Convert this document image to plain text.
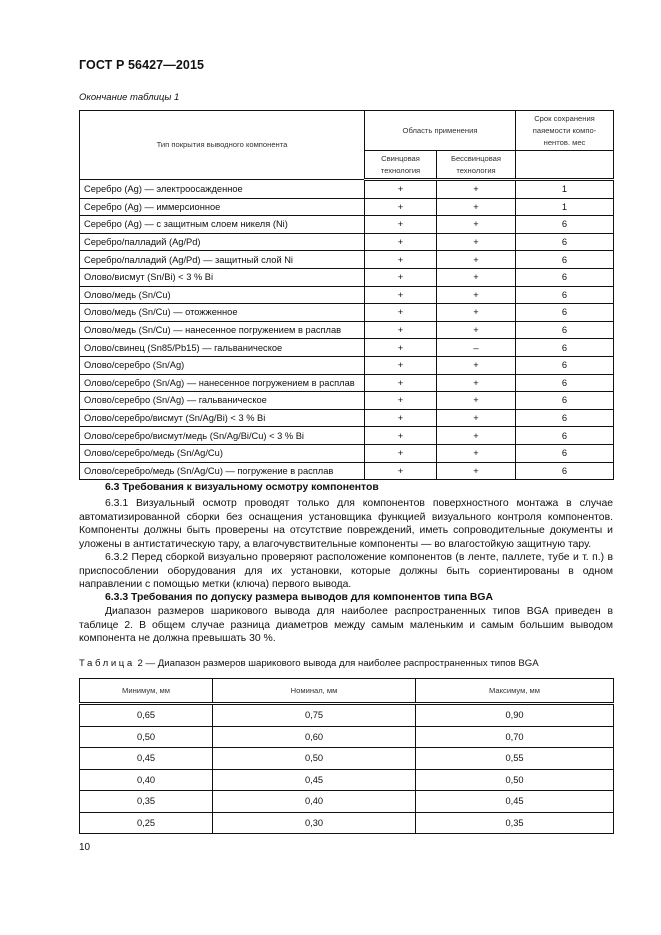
ГОСТ Р 56427—2015
Окончание таблицы 1
Тип покрытия выводного компонента	Область применения		Срок сохранения паяемости компо-нентов. мес
	Свинцовая технология	Бессвинцовая технология	
Серебро (Ag) — электроосажденное	+	+	1
Серебро (Ag) — иммерсионное	+	+	1
Серебро (Ag) — с защитным слоем никеля (Ni)	+	+	6
Серебро/палладий (Ag/Pd)	+	+	6
Серебро/палладий (Ag/Pd) — защитный слой Ni	+	+	6
Олово/висмут (Sn/Bi) < 3 % Bi	+	+	6
Олово/медь (Sn/Cu)	+	+	6
Олово/медь (Sn/Cu) — отожженное	+	+	6
Олово/медь (Sn/Cu) — нанесенное погружением в расплав	+	+	6
Олово/свинец (Sn85/Pb15) — гальваническое	+	–	6
Олово/серебро (Sn/Ag)	+	+	6
Олово/серебро (Sn/Ag) — нанесенное погружением в расплав	+	+	6
Олово/серебро (Sn/Ag) — гальваническое	+	+	6
Олово/серебро/висмут (Sn/Ag/Bi) < 3 % Bi	+	+	6
Олово/серебро/висмут/медь (Sn/Ag/Bi/Cu) < 3 % Bi	+	+	6
Олово/серебро/медь (Sn/Ag/Cu)	+	+	6
Олово/серебро/медь (Sn/Ag/Cu) — погружение в расплав	+	+	6
6.3 Требования к визуальному осмотру компонентов
6.3.1 Визуальный осмотр проводят только для компонентов поверхностного монтажа в случае автоматизированной сборки без оснащения установщика функцией визуального контроля компонентов. Компоненты должны быть проверены на отсутствие повреждений, иметь сопроводительные документы и уложены в антистатическую тару, а влагочувствительные компоненты — во влагостойкую защитную тару.
6.3.2 Перед сборкой визуально проверяют расположение компонентов (в ленте, паллете, тубе и т. п.) в приспособлении оборудования для их установки, которые должны быть сориентированы в одном направлении с помощью метки (ключа) первого вывода.
6.3.3 Требования по допуску размера выводов для компонентов типа BGA
Диапазон размеров шарикового вывода для наиболее распространенных типов BGA приведен в таблице 2. В общем случае разница диаметров между самым маленьким и самым большим выводом компонента не должна превышать 30 %.
Таблица 2 — Диапазон размеров шарикового вывода для наиболее распространенных типов BGA
Минимум, мм	Номинал, мм	Максимум, мм
0,65	0,75	0,90
0,50	0,60	0,70
0,45	0,50	0,55
0,40	0,45	0,50
0,35	0,40	0,45
0,25	0,30	0,35
10
